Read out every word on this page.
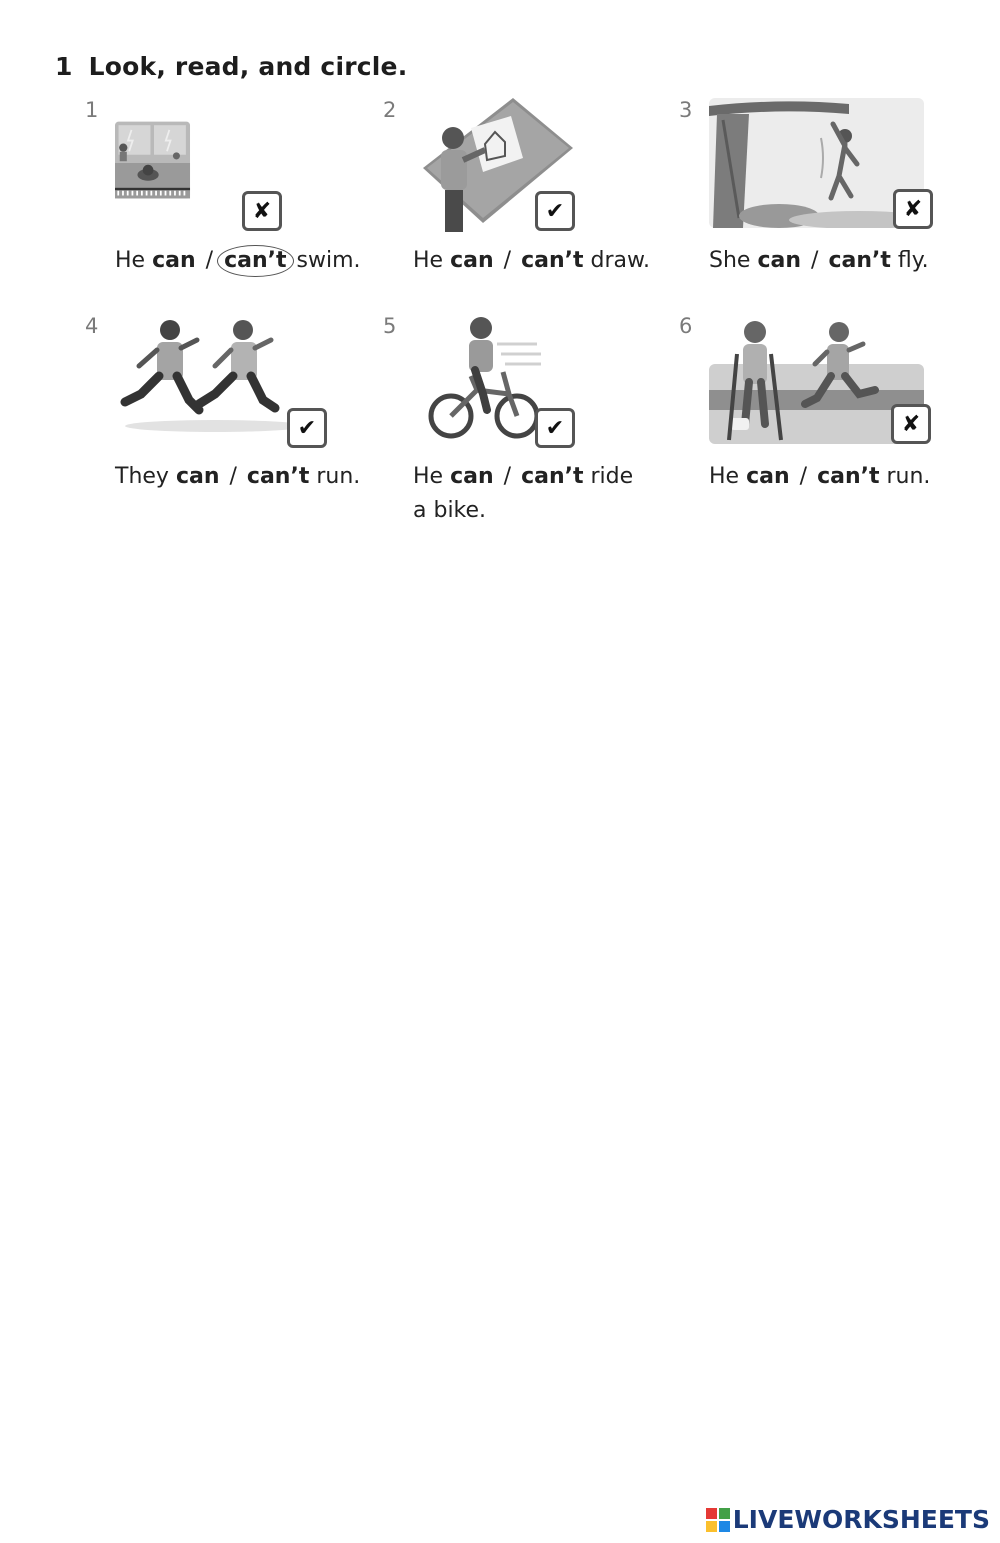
1 Look, read, and circle.
1
✘
He can / can’t swim.
2
✔
He can / can’t draw.
3
✘
She can / can’t fly.
4
✔
They can / can’t run.
5
✔
He can / can’t ride
a bike.
6
✘
He can / can’t run.
LIVEWORKSHEETS
